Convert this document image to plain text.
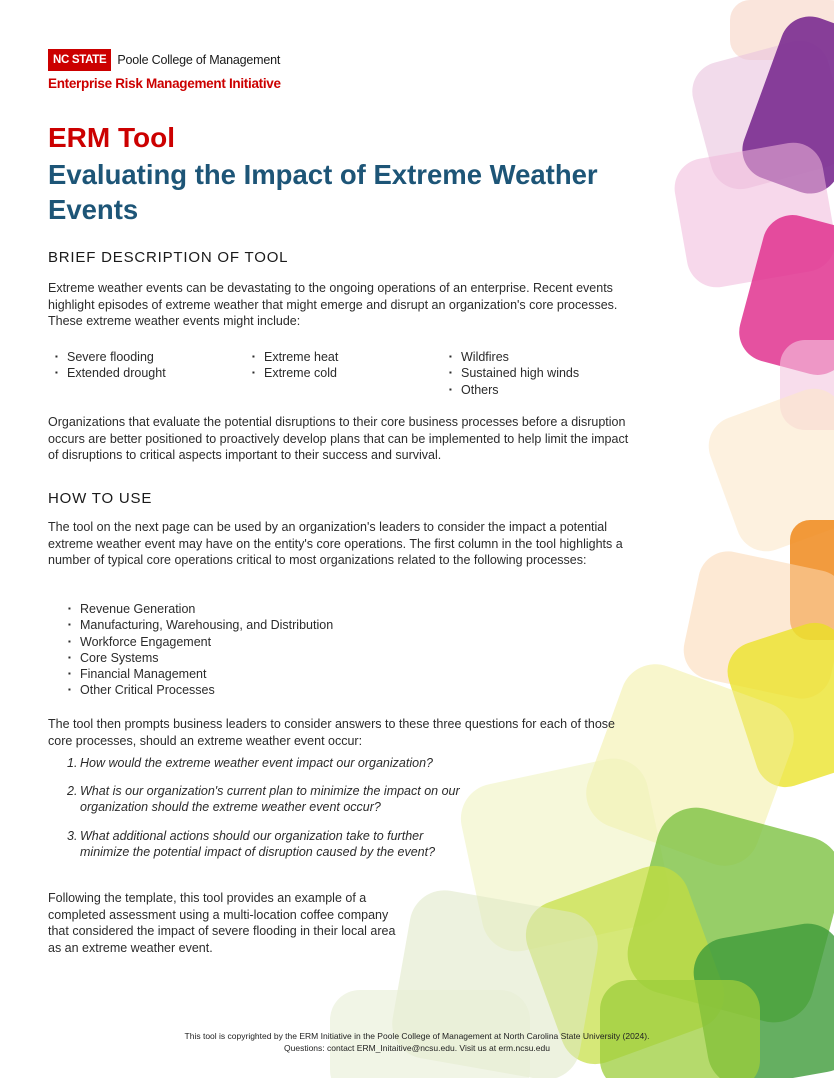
NC STATE Poole College of Management
Enterprise Risk Management Initiative
ERM Tool
Evaluating the Impact of Extreme Weather Events
BRIEF DESCRIPTION OF TOOL
Extreme weather events can be devastating to the ongoing operations of an enterprise. Recent events highlight episodes of extreme weather that might emerge and disrupt an organization's core processes. These extreme weather events might include:
▪ Severe flooding
▪ Extended drought
▪ Extreme heat
▪ Extreme cold
▪ Wildfires
▪ Sustained high winds
▪ Others
Organizations that evaluate the potential disruptions to their core business processes before a disruption occurs are better positioned to proactively develop plans that can be implemented to help limit the impact of disruptions to critical aspects important to their success and survival.
HOW TO USE
The tool on the next page can be used by an organization's leaders to consider the impact a potential extreme weather event may have on the entity's core operations. The first column in the tool highlights a number of typical core operations critical to most organizations related to the following processes:
▪ Revenue Generation
▪ Manufacturing, Warehousing, and Distribution
▪ Workforce Engagement
▪ Core Systems
▪ Financial Management
▪ Other Critical Processes
The tool then prompts business leaders to consider answers to these three questions for each of those core processes, should an extreme weather event occur:
1. How would the extreme weather event impact our organization?
2. What is our organization's current plan to minimize the impact on our organization should the extreme weather event occur?
3. What additional actions should our organization take to further minimize the potential impact of disruption caused by the event?
Following the template, this tool provides an example of a completed assessment using a multi-location coffee company that considered the impact of severe flooding in their local area as an extreme weather event.
This tool is copyrighted by the ERM Initiative in the Poole College of Management at North Carolina State University (2024).
Questions: contact ERM_Initaitive@ncsu.edu. Visit us at erm.ncsu.edu
